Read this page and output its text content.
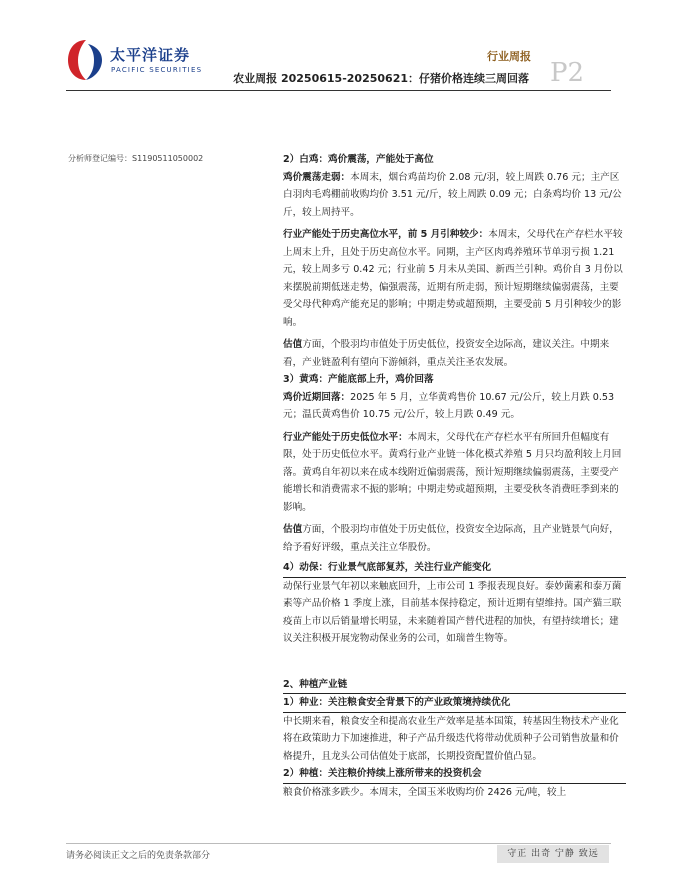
太平洋证券
PACIFIC SECURITIES
行业周报
农业周报 20250615-20250621：仔猪价格连续三周回落 P2
分析师登记编号：S1190511050002	2）白鸡：鸡价震荡，产能处于高位

鸡价震荡走弱：本周末，烟台鸡苗均价 2.08 元/羽，较上周跌 0.76 元；主产区白羽肉毛鸡棚前收购均价 3.51 元/斤，较上周跌 0.09 元；白条鸡均价 13 元/公斤，较上周持平。

行业产能处于历史高位水平，前 5 月引种较少：本周末，父母代在产存栏水平较上周末上升，且处于历史高位水平。同期，主产区肉鸡养殖环节单羽亏损 1.21 元，较上周多亏 0.42 元；行业前 5 月未从美国、新西兰引种。鸡价自 3 月份以来摆脱前期低迷走势，偏强震荡，近期有所走弱，预计短期继续偏弱震荡，主要受父母代种鸡产能充足的影响；中期走势或超预期，主要受前 5 月引种较少的影响。

估值方面，个股羽均市值处于历史低位，投资安全边际高，建议关注。中期来看，产业链盈利有望向下游倾斜，重点关注圣农发展。

3）黄鸡：产能底部上升，鸡价回落

鸡价近期回落：2025 年 5 月，立华黄鸡售价 10.67 元/公斤，较上月跌 0.53 元；温氏黄鸡售价 10.75 元/公斤，较上月跌 0.49 元。

行业产能处于历史低位水平：本周末，父母代在产存栏水平有所回升但幅度有限，处于历史低位水平。黄鸡行业产业链一体化模式养殖 5 月只均盈利较上月回落。黄鸡自年初以来在成本线附近偏弱震荡，预计短期继续偏弱震荡，主要受产能增长和消费需求不振的影响；中期走势或超预期，主要受秋冬消费旺季到来的影响。

估值方面，个股羽均市值处于历史低位，投资安全边际高，且产业链景气向好，给予看好评级，重点关注立华股份。

4）动保：行业景气底部复苏，关注行业产能变化

动保行业景气年初以来触底回升，上市公司 1 季报表现良好。泰妙菌素和泰万菌素等产品价格 1 季度上涨，目前基本保持稳定，预计近期有望维持。国产猫三联疫苗上市以后销量增长明显，未来随着国产替代进程的加快，有望持续增长；建议关注积极开展宠物动保业务的公司，如瑞普生物等。

2、种植产业链

1）种业：关注粮食安全背景下的产业政策境持续优化

中长期来看，粮食安全和提高农业生产效率是基本国策，转基因生物技术产业化将在政策助力下加速推进，种子产品升级迭代将带动优质种子公司销售放量和价格提升，且龙头公司估值处于底部，长期投资配置价值凸显。

2）种植：关注粮价持续上涨所带来的投资机会

粮食价格涨多跌少。本周末，全国玉米收购均价 2426 元/吨，较上

请务必阅读正文之后的免责条款部分	守正 出奇 宁静 致远
